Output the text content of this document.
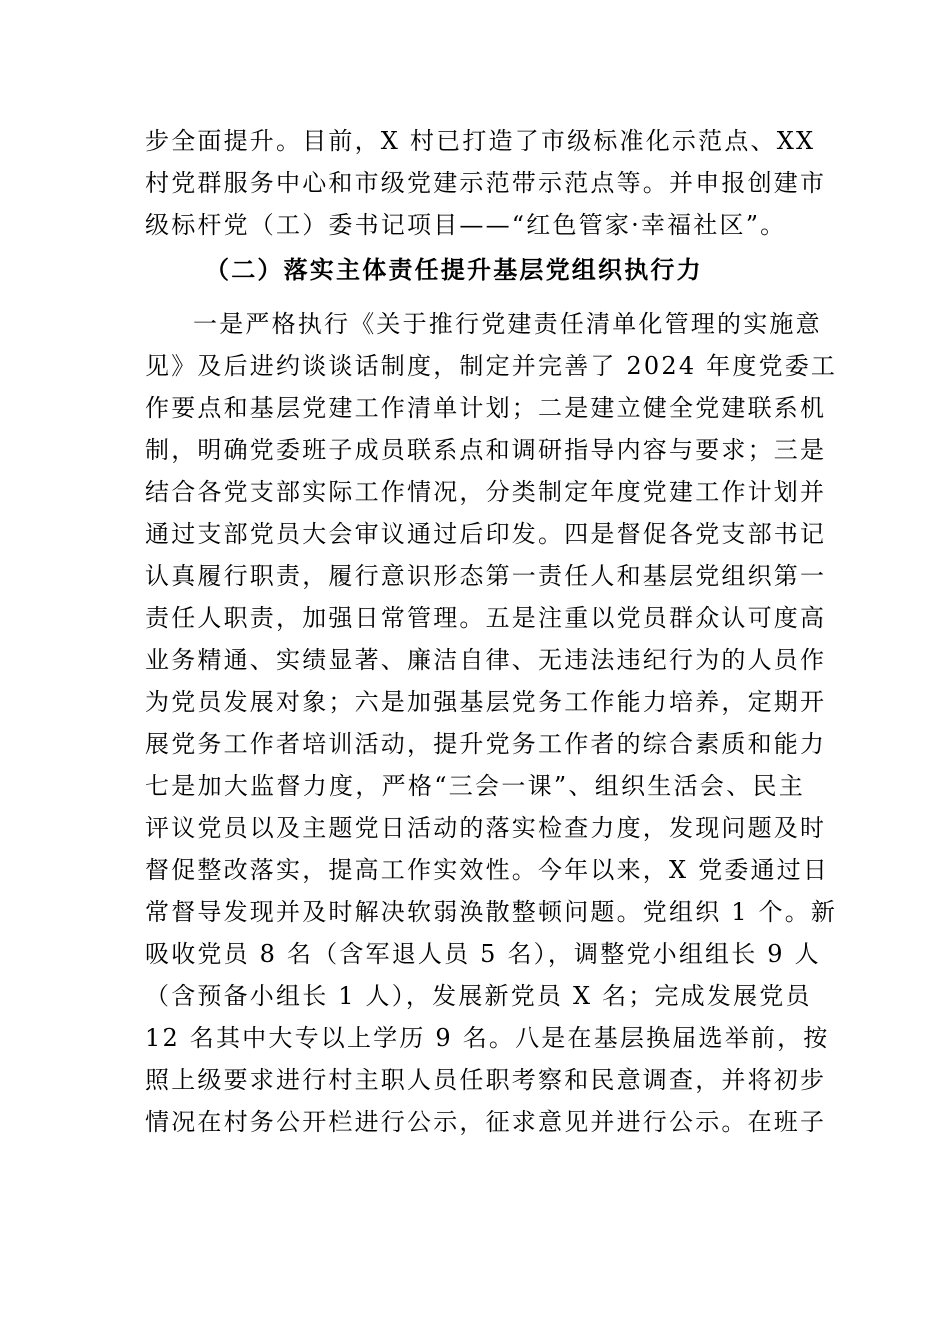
步全面提升。目前，X 村已打造了市级标准化示范点、XX
村党群服务中心和市级党建示范带示范点等。并申报创建市
级标杆党（工）委书记项目——“红色管家·幸福社区”。
（二）落实主体责任提升基层党组织执行力
一是严格执行《关于推行党建责任清单化管理的实施意
见》及后进约谈谈话制度，制定并完善了 2024 年度党委工
作要点和基层党建工作清单计划；二是建立健全党建联系机
制，明确党委班子成员联系点和调研指导内容与要求；三是
结合各党支部实际工作情况，分类制定年度党建工作计划并
通过支部党员大会审议通过后印发。四是督促各党支部书记
认真履行职责，履行意识形态第一责任人和基层党组织第一
责任人职责，加强日常管理。五是注重以党员群众认可度高
业务精通、实绩显著、廉洁自律、无违法违纪行为的人员作
为党员发展对象；六是加强基层党务工作能力培养，定期开
展党务工作者培训活动，提升党务工作者的综合素质和能力
七是加大监督力度，严格“三会一课”、组织生活会、民主
评议党员以及主题党日活动的落实检查力度，发现问题及时
督促整改落实，提高工作实效性。今年以来，X 党委通过日
常督导发现并及时解决软弱涣散整顿问题。党组织 1 个。新
吸收党员 8 名（含军退人员 5 名），调整党小组组长 9 人
（含预备小组长 1 人），发展新党员 X 名；完成发展党员
12 名其中大专以上学历 9 名。八是在基层换届选举前，按
照上级要求进行村主职人员任职考察和民意调查，并将初步
情况在村务公开栏进行公示，征求意见并进行公示。在班子
